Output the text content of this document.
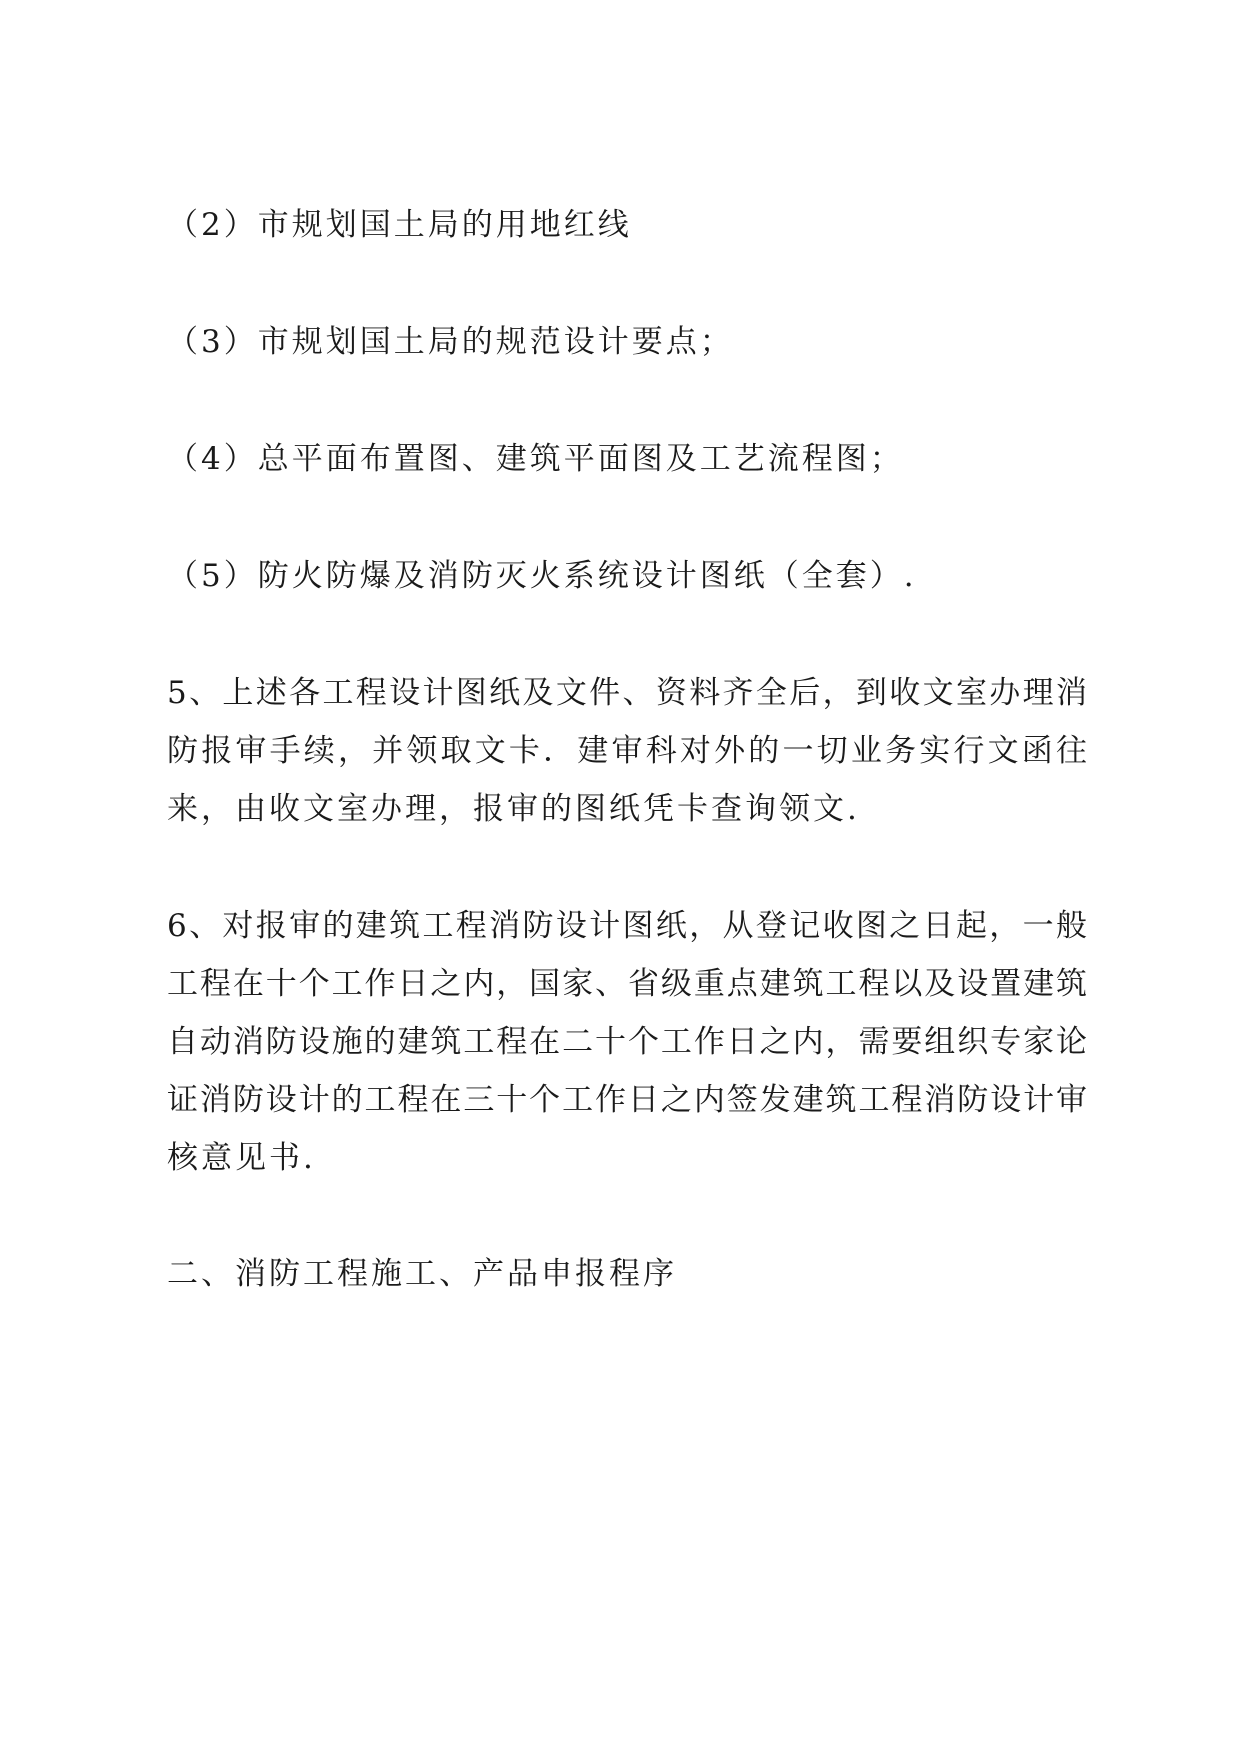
（2）市规划国土局的用地红线

（3）市规划国土局的规范设计要点；

（4）总平面布置图、建筑平面图及工艺流程图；

（5）防火防爆及消防灭火系统设计图纸（全套）.

5、上述各工程设计图纸及文件、资料齐全后，到收文室办理消

防报审手续，并领取文卡．建审科对外的一切业务实行文函往

来，由收文室办理，报审的图纸凭卡查询领文.

6、对报审的建筑工程消防设计图纸，从登记收图之日起，一般

工程在十个工作日之内，国家、省级重点建筑工程以及设置建筑

自动消防设施的建筑工程在二十个工作日之内，需要组织专家论

证消防设计的工程在三十个工作日之内签发建筑工程消防设计审

核意见书.

二、消防工程施工、产品申报程序
